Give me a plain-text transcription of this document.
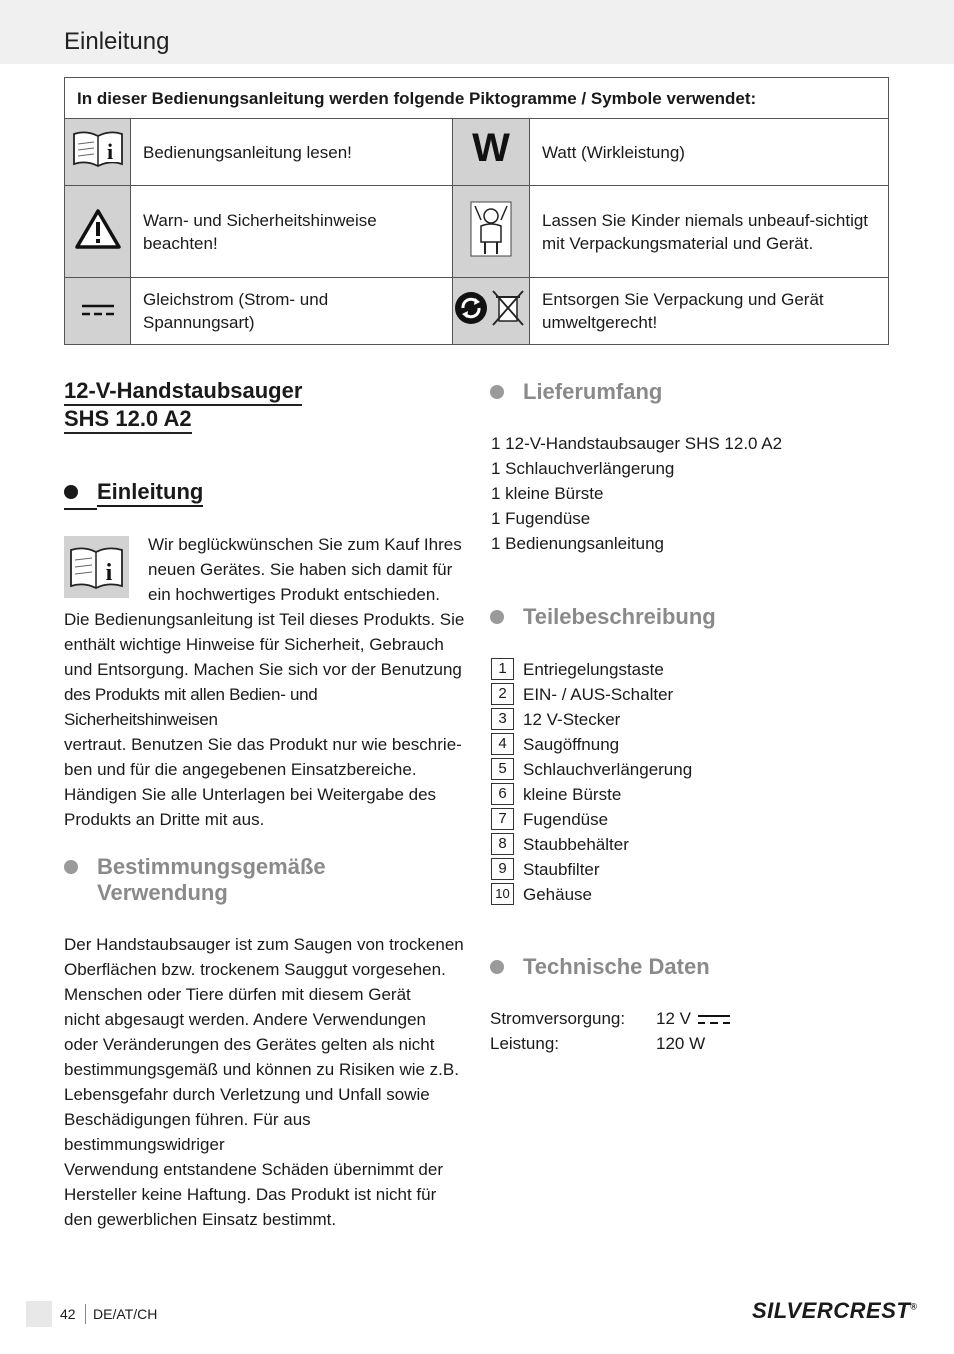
Einleitung
In dieser Bedienungsanleitung werden folgende Piktogramme / Symbole verwendet:			

i	Bedienungsanleitung lesen!	W	Watt (Wirkleistung)
	Warn- und Sicherheitshinweise beachten!		Lassen Sie Kinder niemals unbeauf-sichtigt mit Verpackungsmaterial und Gerät.
	Gleichstrom (Strom- und Spannungsart)		Entsorgen Sie Verpackung und Gerät umweltgerecht!
12-V-Handstaubsauger
SHS 12.0 A2
Einleitung
i
Wir beglückwünschen Sie zum Kauf Ihres
neuen Gerätes. Sie haben sich damit für
ein hochwertiges Produkt entschieden.
Die Bedienungsanleitung ist Teil dieses Produkts. Sie
enthält wichtige Hinweise für Sicherheit, Gebrauch
und Entsorgung. Machen Sie sich vor der Benutzung
des Produkts mit allen Bedien- und Sicherheitshinweisen
vertraut. Benutzen Sie das Produkt nur wie beschrie-
ben und für die angegebenen Einsatzbereiche.
Händigen Sie alle Unterlagen bei Weitergabe des
Produkts an Dritte mit aus.
Bestimmungsgemäße
Verwendung
Der Handstaubsauger ist zum Saugen von trockenen
Oberflächen bzw. trockenem Sauggut vorgesehen.
Menschen oder Tiere dürfen mit diesem Gerät
nicht abgesaugt werden. Andere Verwendungen
oder Veränderungen des Gerätes gelten als nicht
bestimmungsgemäß und können zu Risiken wie z.B.
Lebensgefahr durch Verletzung und Unfall sowie
Beschädigungen führen. Für aus bestimmungswidriger
Verwendung entstandene Schäden übernimmt der
Hersteller keine Haftung. Das Produkt ist nicht für
den gewerblichen Einsatz bestimmt.
Lieferumfang
1 12-V-Handstaubsauger SHS 12.0 A2
1 Schlauchverlängerung
1 kleine Bürste
1 Fugendüse
1 Bedienungsanleitung
Teilebeschreibung
1 Entriegelungstaste
2 EIN- / AUS-Schalter
3 12 V-Stecker
4 Saugöffnung
5 Schlauchverlängerung
6 kleine Bürste
7 Fugendüse
8 Staubbehälter
9 Staubfilter
10 Gehäuse
Technische Daten
Stromversorgung: 12 V
Leistung:	120 W
42 DE/AT/CH	SILVERCREST®
